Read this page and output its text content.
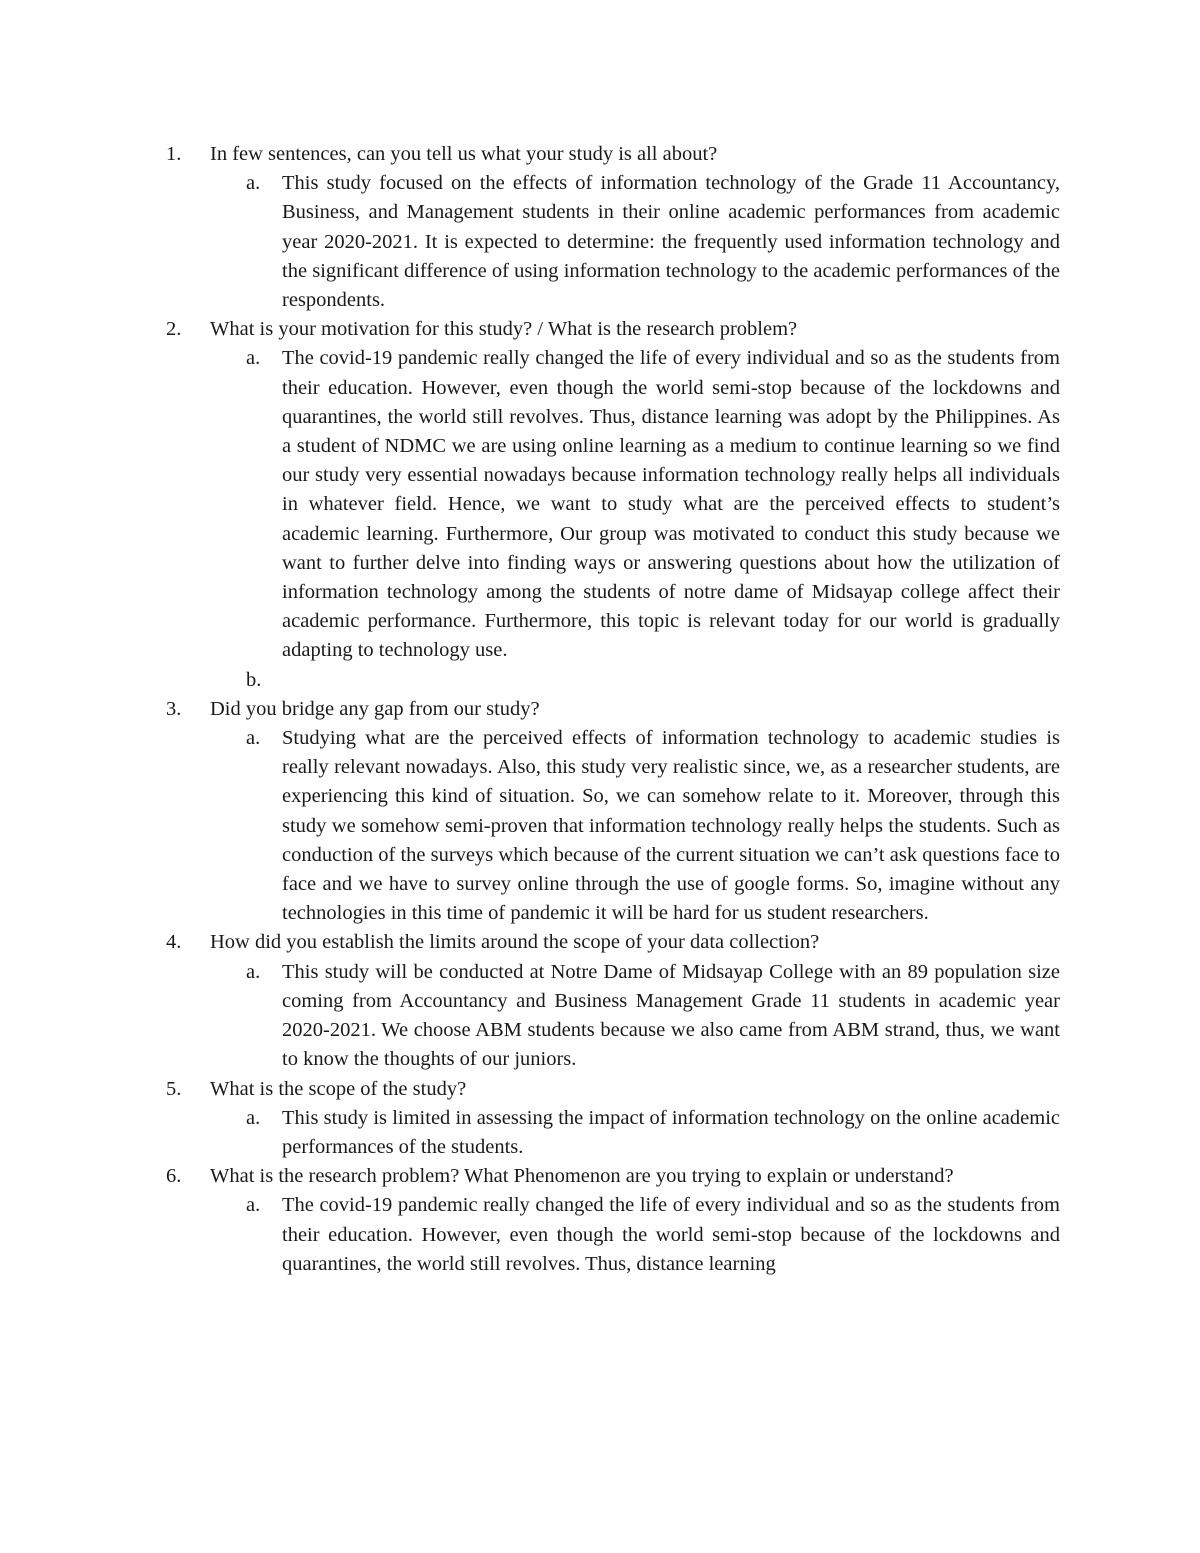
1.	In few sentences, can you tell us what your study is all about?
a.	This study focused on the effects of information technology of the Grade 11 Accountancy, Business, and Management students in their online academic performances from academic year 2020-2021. It is expected to determine: the frequently used information technology and the significant difference of using information technology to the academic performances of the respondents.
2.	What is your motivation for this study? / What is the research problem?
a.	The covid-19 pandemic really changed the life of every individual and so as the students from their education. However, even though the world semi-stop because of the lockdowns and quarantines, the world still revolves. Thus, distance learning was adopt by the Philippines. As a student of NDMC we are using online learning as a medium to continue learning so we find our study very essential nowadays because information technology really helps all individuals in whatever field. Hence, we want to study what are the perceived effects to student’s academic learning. Furthermore, Our group was motivated to conduct this study because we want to further delve into finding ways or answering questions about how the utilization of information technology among the students of notre dame of Midsayap college affect their academic performance. Furthermore, this topic is relevant today for our world is gradually adapting to technology use.
b.

3.	Did you bridge any gap from our study?
a.	Studying what are the perceived effects of information technology to academic studies is really relevant nowadays. Also, this study very realistic since, we, as a researcher students, are experiencing this kind of situation. So, we can somehow relate to it. Moreover, through this study we somehow semi-proven that information technology really helps the students. Such as conduction of the surveys which because of the current situation we can’t ask questions face to face and we have to survey online through the use of google forms. So, imagine without any technologies in this time of pandemic it will be hard for us student researchers.
4.	How did you establish the limits around the scope of your data collection?
a.	This study will be conducted at Notre Dame of Midsayap College with an 89 population size coming from Accountancy and Business Management Grade 11 students in academic year 2020-2021. We choose ABM students because we also came from ABM strand, thus, we want to know the thoughts of our juniors.
5.	What is the scope of the study?
a.	This study is limited in assessing the impact of information technology on the online academic performances of the students.
6.	What is the research problem? What Phenomenon are you trying to explain or understand?
a.	The covid-19 pandemic really changed the life of every individual and so as the students from their education. However, even though the world semi-stop because of the lockdowns and quarantines, the world still revolves. Thus, distance learning
